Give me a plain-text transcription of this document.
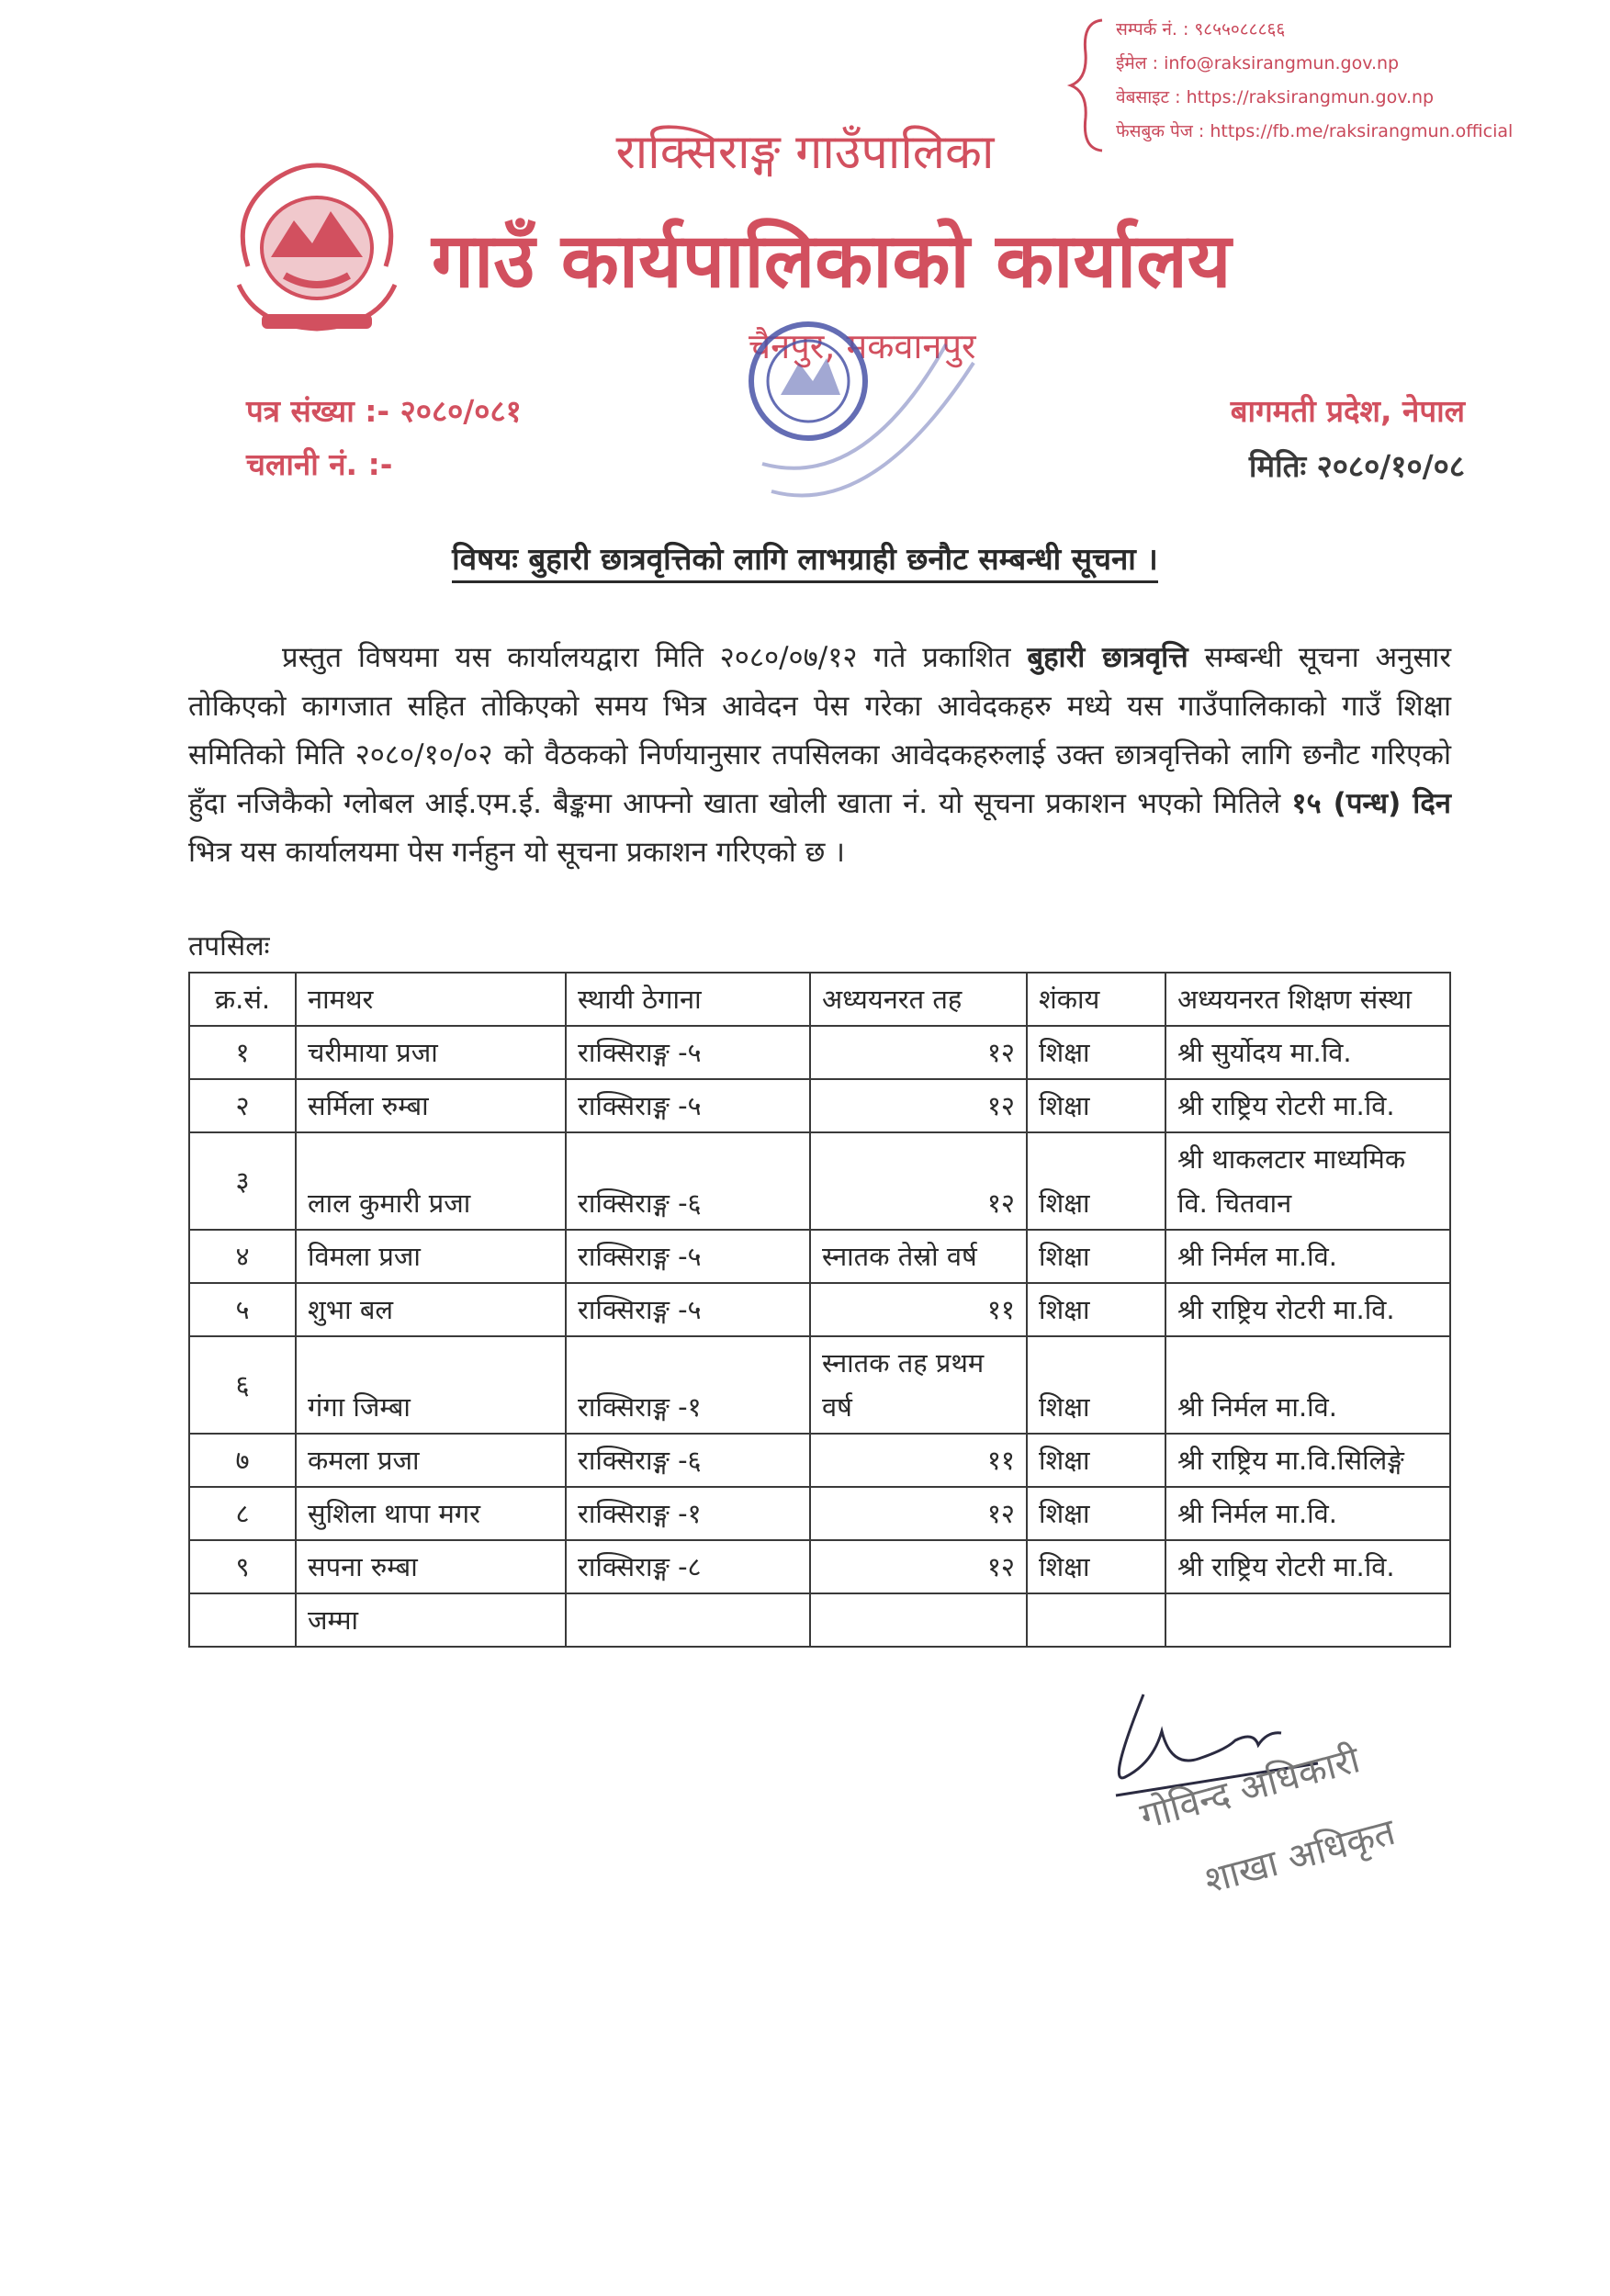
सम्पर्क नं. : ९८५५०८८८६६
ईमेल : info@raksirangmun.gov.np
वेबसाइट : https://raksirangmun.gov.np
फेसबुक पेज : https://fb.me/raksirangmun.official
राक्सिराङ्ग गाउँपालिका
गाउँ कार्यपालिकाको कार्यालय
चैनपुर, मकवानपुर
पत्र संख्या :- २०८०/०८१
चलानी नं. :-
बागमती प्रदेश, नेपाल
मितिः २०८०/१०/०८
विषयः बुहारी छात्रवृत्तिको लागि लाभग्राही छनौट सम्बन्धी सूचना ।
प्रस्तुत विषयमा यस कार्यालयद्वारा मिति २०८०/०७/१२ गते प्रकाशित बुहारी छात्रवृत्ति सम्बन्धी सूचना अनुसार तोकिएको कागजात सहित तोकिएको समय भित्र आवेदन पेस गरेका आवेदकहरु मध्ये यस गाउँपालिकाको गाउँ शिक्षा समितिको मिति २०८०/१०/०२ को वैठकको निर्णयानुसार तपसिलका आवेदकहरुलाई उक्त छात्रवृत्तिको लागि छनौट गरिएको हुँदा नजिकैको ग्लोबल आई.एम.ई. बैङ्कमा आफ्नो खाता खोली खाता नं. यो सूचना प्रकाशन भएको मितिले १५ (पन्ध) दिन भित्र यस कार्यालयमा पेस गर्नहुन यो सूचना प्रकाशन गरिएको छ ।
तपसिलः
क्र.सं.	नामथर	स्थायी ठेगाना	अध्ययनरत तह	शंकाय	अध्ययनरत शिक्षण संस्था
१	चरीमाया प्रजा	राक्सिराङ्ग -५	१२	शिक्षा	श्री सुर्योदय मा.वि.
२	सर्मिला रुम्बा	राक्सिराङ्ग -५	१२	शिक्षा	श्री राष्ट्रिय रोटरी मा.वि.
३	लाल कुमारी प्रजा	राक्सिराङ्ग -६	१२	शिक्षा	श्री थाकलटार माध्यमिक वि. चितवान
४	विमला प्रजा	राक्सिराङ्ग -५	स्नातक तेस्रो वर्ष	शिक्षा	श्री निर्मल मा.वि.
५	शुभा बल	राक्सिराङ्ग -५	११	शिक्षा	श्री राष्ट्रिय रोटरी मा.वि.
६	गंगा जिम्बा	राक्सिराङ्ग -१	स्नातक तह प्रथम वर्ष	शिक्षा	श्री निर्मल मा.वि.
७	कमला प्रजा	राक्सिराङ्ग -६	११	शिक्षा	श्री राष्ट्रिय मा.वि.सिलिङ्गे
८	सुशिला थापा मगर	राक्सिराङ्ग -१	१२	शिक्षा	श्री निर्मल मा.वि.
९	सपना रुम्बा	राक्सिराङ्ग -८	१२	शिक्षा	श्री राष्ट्रिय रोटरी मा.वि.
	जम्मा				
गोविन्द अधिकारी
शाखा अधिकृत
